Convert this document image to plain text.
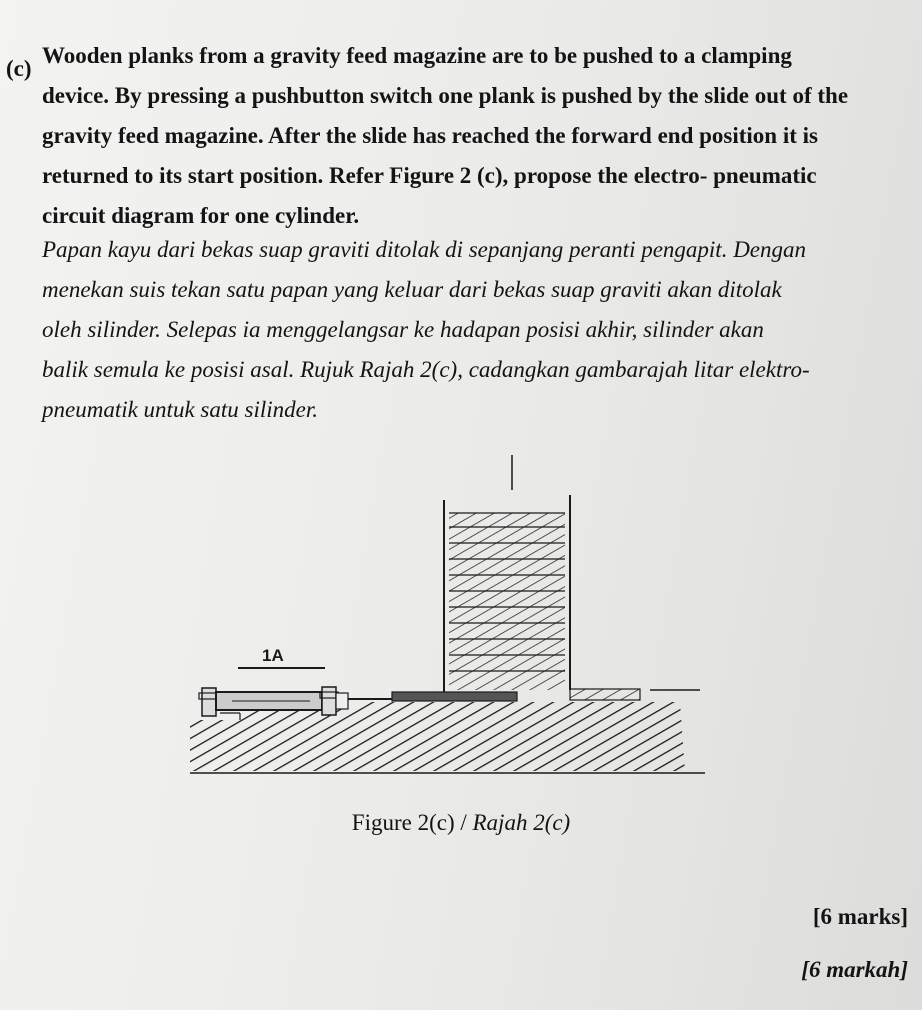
(c)
Wooden planks from a gravity feed magazine are to be pushed to a clamping
device. By pressing a pushbutton switch one plank is pushed by the slide out of the
gravity feed magazine. After the slide has reached the forward end position it is
returned to its start position. Refer Figure 2 (c), propose the electro- pneumatic
circuit diagram for one cylinder.
Papan kayu dari bekas suap graviti ditolak di sepanjang peranti pengapit. Dengan
menekan suis tekan satu papan yang keluar dari bekas suap graviti akan ditolak
oleh silinder. Selepas ia menggelangsar ke hadapan posisi akhir, silinder akan
balik semula ke posisi asal. Rujuk Rajah 2(c), cadangkan gambarajah litar elektro-
pneumatik untuk satu silinder.
1A
Figure 2(c) / Rajah 2(c)
[6 marks]
[6 markah]
